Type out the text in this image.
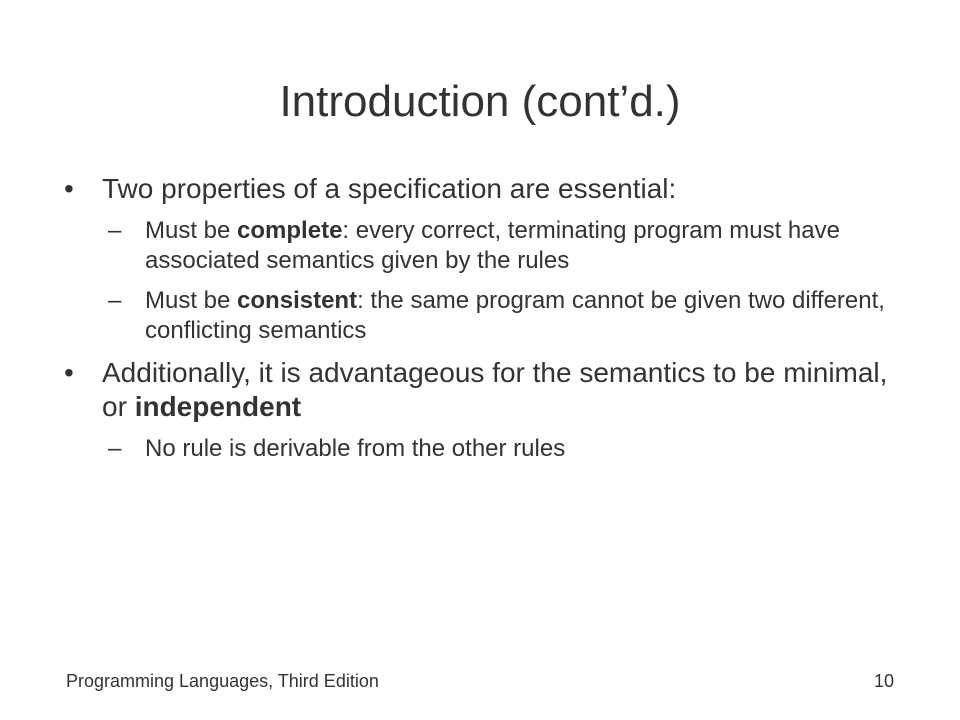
Introduction (cont’d.)
•	Two properties of a specification are essential:
– Must be complete: every correct, terminating program must have associated semantics given by the rules
– Must be consistent: the same program cannot be given two different, conflicting semantics
•	Additionally, it is advantageous for the semantics to be minimal, or independent
– No rule is derivable from the other rules
Programming Languages, Third Edition	10
